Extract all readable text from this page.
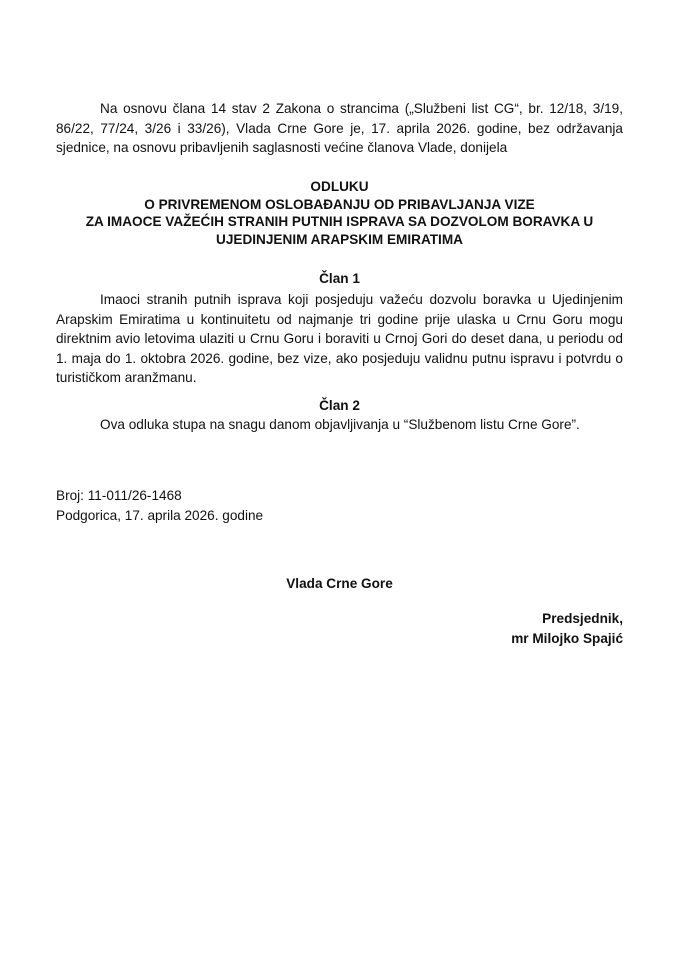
Na osnovu člana 14 stav 2 Zakona o strancima („Službeni list CG“, br. 12/18, 3/19, 86/22, 77/24, 3/26 i 33/26), Vlada Crne Gore je, 17. aprila 2026. godine, bez održavanja sjednice, na osnovu pribavljenih saglasnosti većine članova Vlade, donijela

ODLUKU
O PRIVREMENOM OSLOBAĐANJU OD PRIBAVLJANJA VIZE
ZA IMAOCE VAŽEĆIH STRANIH PUTNIH ISPRAVA SA DOZVOLOM BORAVKA U
UJEDINJENIM ARAPSKIM EMIRATIMA
Član 1

Imaoci stranih putnih isprava koji posjeduju važeću dozvolu boravka u Ujedinjenim Arapskim Emiratima u kontinuitetu od najmanje tri godine prije ulaska u Crnu Goru mogu direktnim avio letovima ulaziti u Crnu Goru i boraviti u Crnoj Gori do deset dana, u periodu od 1. maja do 1. oktobra 2026. godine, bez vize, ako posjeduju validnu putnu ispravu i potvrdu o turističkom aranžmanu.

Član 2

Ova odluka stupa na snagu danom objavljivanja u “Službenom listu Crne Gore”.

Broj: 11-011/26-1468
Podgorica, 17. aprila 2026. godine
Vlada Crne Gore
Predsjednik,
mr Milojko Spajić
